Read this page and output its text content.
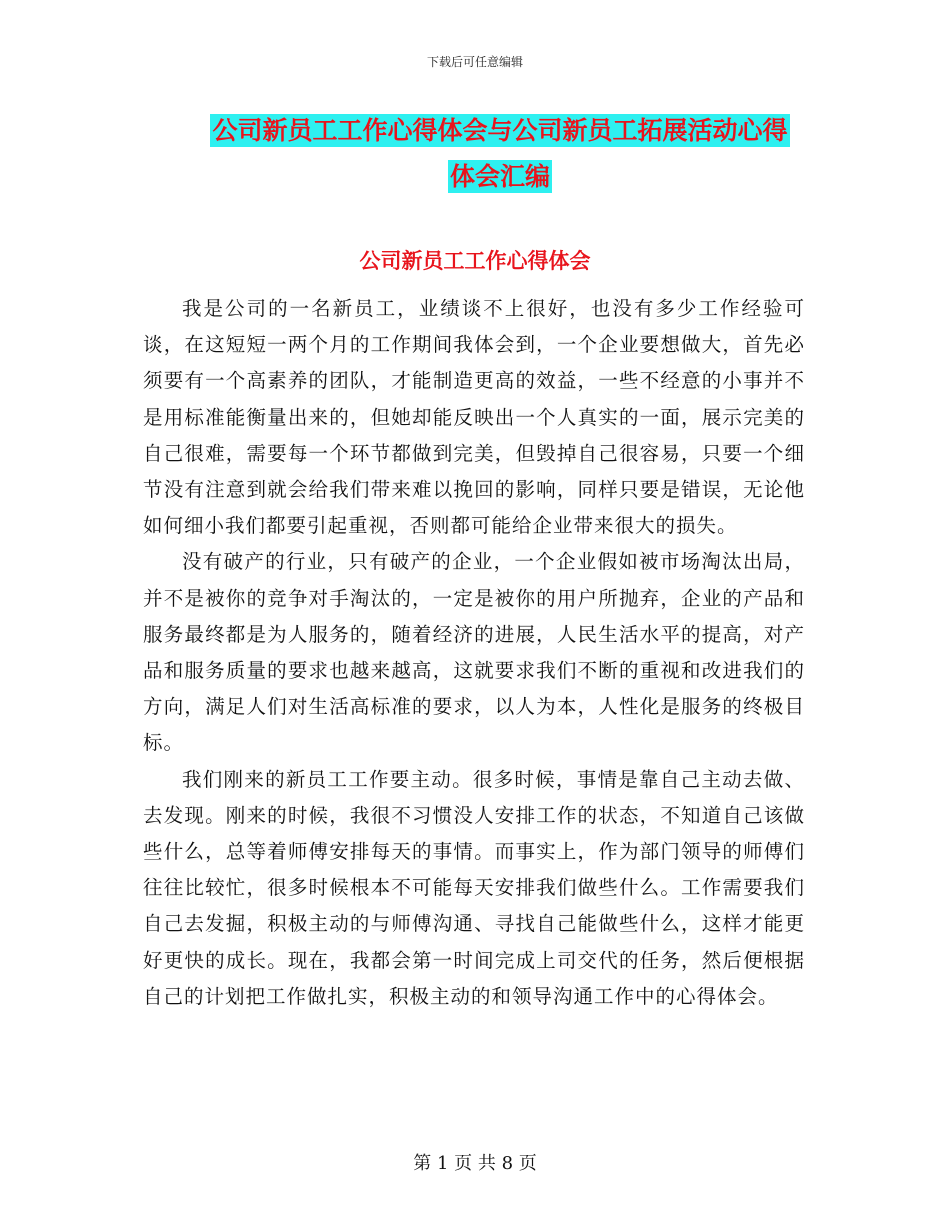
下载后可任意编辑
公司新员工工作心得体会与公司新员工拓展活动心得
体会汇编
公司新员工工作心得体会

我是公司的一名新员工，业绩谈不上很好，也没有多少工作经验可谈，在这短短一两个月的工作期间我体会到，一个企业要想做大，首先必须要有一个高素养的团队，才能制造更高的效益，一些不经意的小事并不是用标准能衡量出来的，但她却能反映出一个人真实的一面，展示完美的自己很难，需要每一个环节都做到完美，但毁掉自己很容易，只要一个细节没有注意到就会给我们带来难以挽回的影响，同样只要是错误，无论他如何细小我们都要引起重视，否则都可能给企业带来很大的损失。

没有破产的行业，只有破产的企业，一个企业假如被市场淘汰出局，并不是被你的竞争对手淘汰的，一定是被你的用户所抛弃，企业的产品和服务最终都是为人服务的，随着经济的进展，人民生活水平的提高，对产品和服务质量的要求也越来越高，这就要求我们不断的重视和改进我们的方向，满足人们对生活高标准的要求，以人为本，人性化是服务的终极目标。

我们刚来的新员工工作要主动。很多时候，事情是靠自己主动去做、去发现。刚来的时候，我很不习惯没人安排工作的状态，不知道自己该做些什么，总等着师傅安排每天的事情。而事实上，作为部门领导的师傅们往往比较忙，很多时候根本不可能每天安排我们做些什么。工作需要我们自己去发掘，积极主动的与师傅沟通、寻找自己能做些什么，这样才能更好更快的成长。现在，我都会第一时间完成上司交代的任务，然后便根据自己的计划把工作做扎实，积极主动的和领导沟通工作中的心得体会。

第 1 页 共 8 页
